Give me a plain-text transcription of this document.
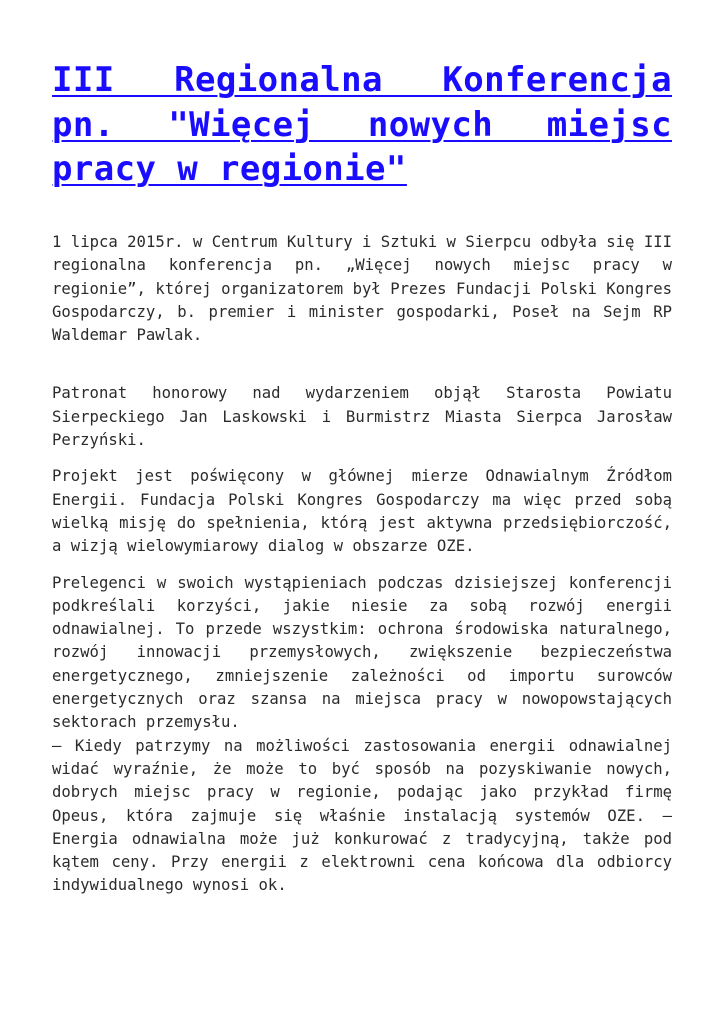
III Regionalna Konferencja pn. "Więcej nowych miejsc pracy w regionie"

1 lipca 2015r. w Centrum Kultury i Sztuki w Sierpcu odbyła się III regionalna konferencja pn. „Więcej nowych miejsc pracy w regionie”, której organizatorem był Prezes Fundacji Polski Kongres Gospodarczy, b. premier i minister gospodarki, Poseł na Sejm RP Waldemar Pawlak.

Patronat honorowy nad wydarzeniem objął Starosta Powiatu Sierpeckiego Jan Laskowski i Burmistrz Miasta Sierpca Jarosław Perzyński.

Projekt jest poświęcony w głównej mierze Odnawialnym Źródłom Energii. Fundacja Polski Kongres Gospodarczy ma więc przed sobą wielką misję do spełnienia, którą jest aktywna przedsiębiorczość, a wizją wielowymiarowy dialog w obszarze OZE.

Prelegenci w swoich wystąpieniach podczas dzisiejszej konferencji podkreślali korzyści, jakie niesie za sobą rozwój energii odnawialnej. To przede wszystkim: ochrona środowiska naturalnego, rozwój innowacji przemysłowych, zwiększenie bezpieczeństwa energetycznego, zmniejszenie zależności od importu surowców energetycznych oraz szansa na miejsca pracy w nowopowstających sektorach przemysłu.

– Kiedy patrzymy na możliwości zastosowania energii odnawialnej widać wyraźnie, że może to być sposób na pozyskiwanie nowych, dobrych miejsc pracy w regionie, podając jako przykład firmę Opeus, która zajmuje się właśnie instalacją systemów OZE. – Energia odnawialna może już konkurować z tradycyjną, także pod kątem ceny. Przy energii z elektrowni cena końcowa dla odbiorcy indywidualnego wynosi ok.
